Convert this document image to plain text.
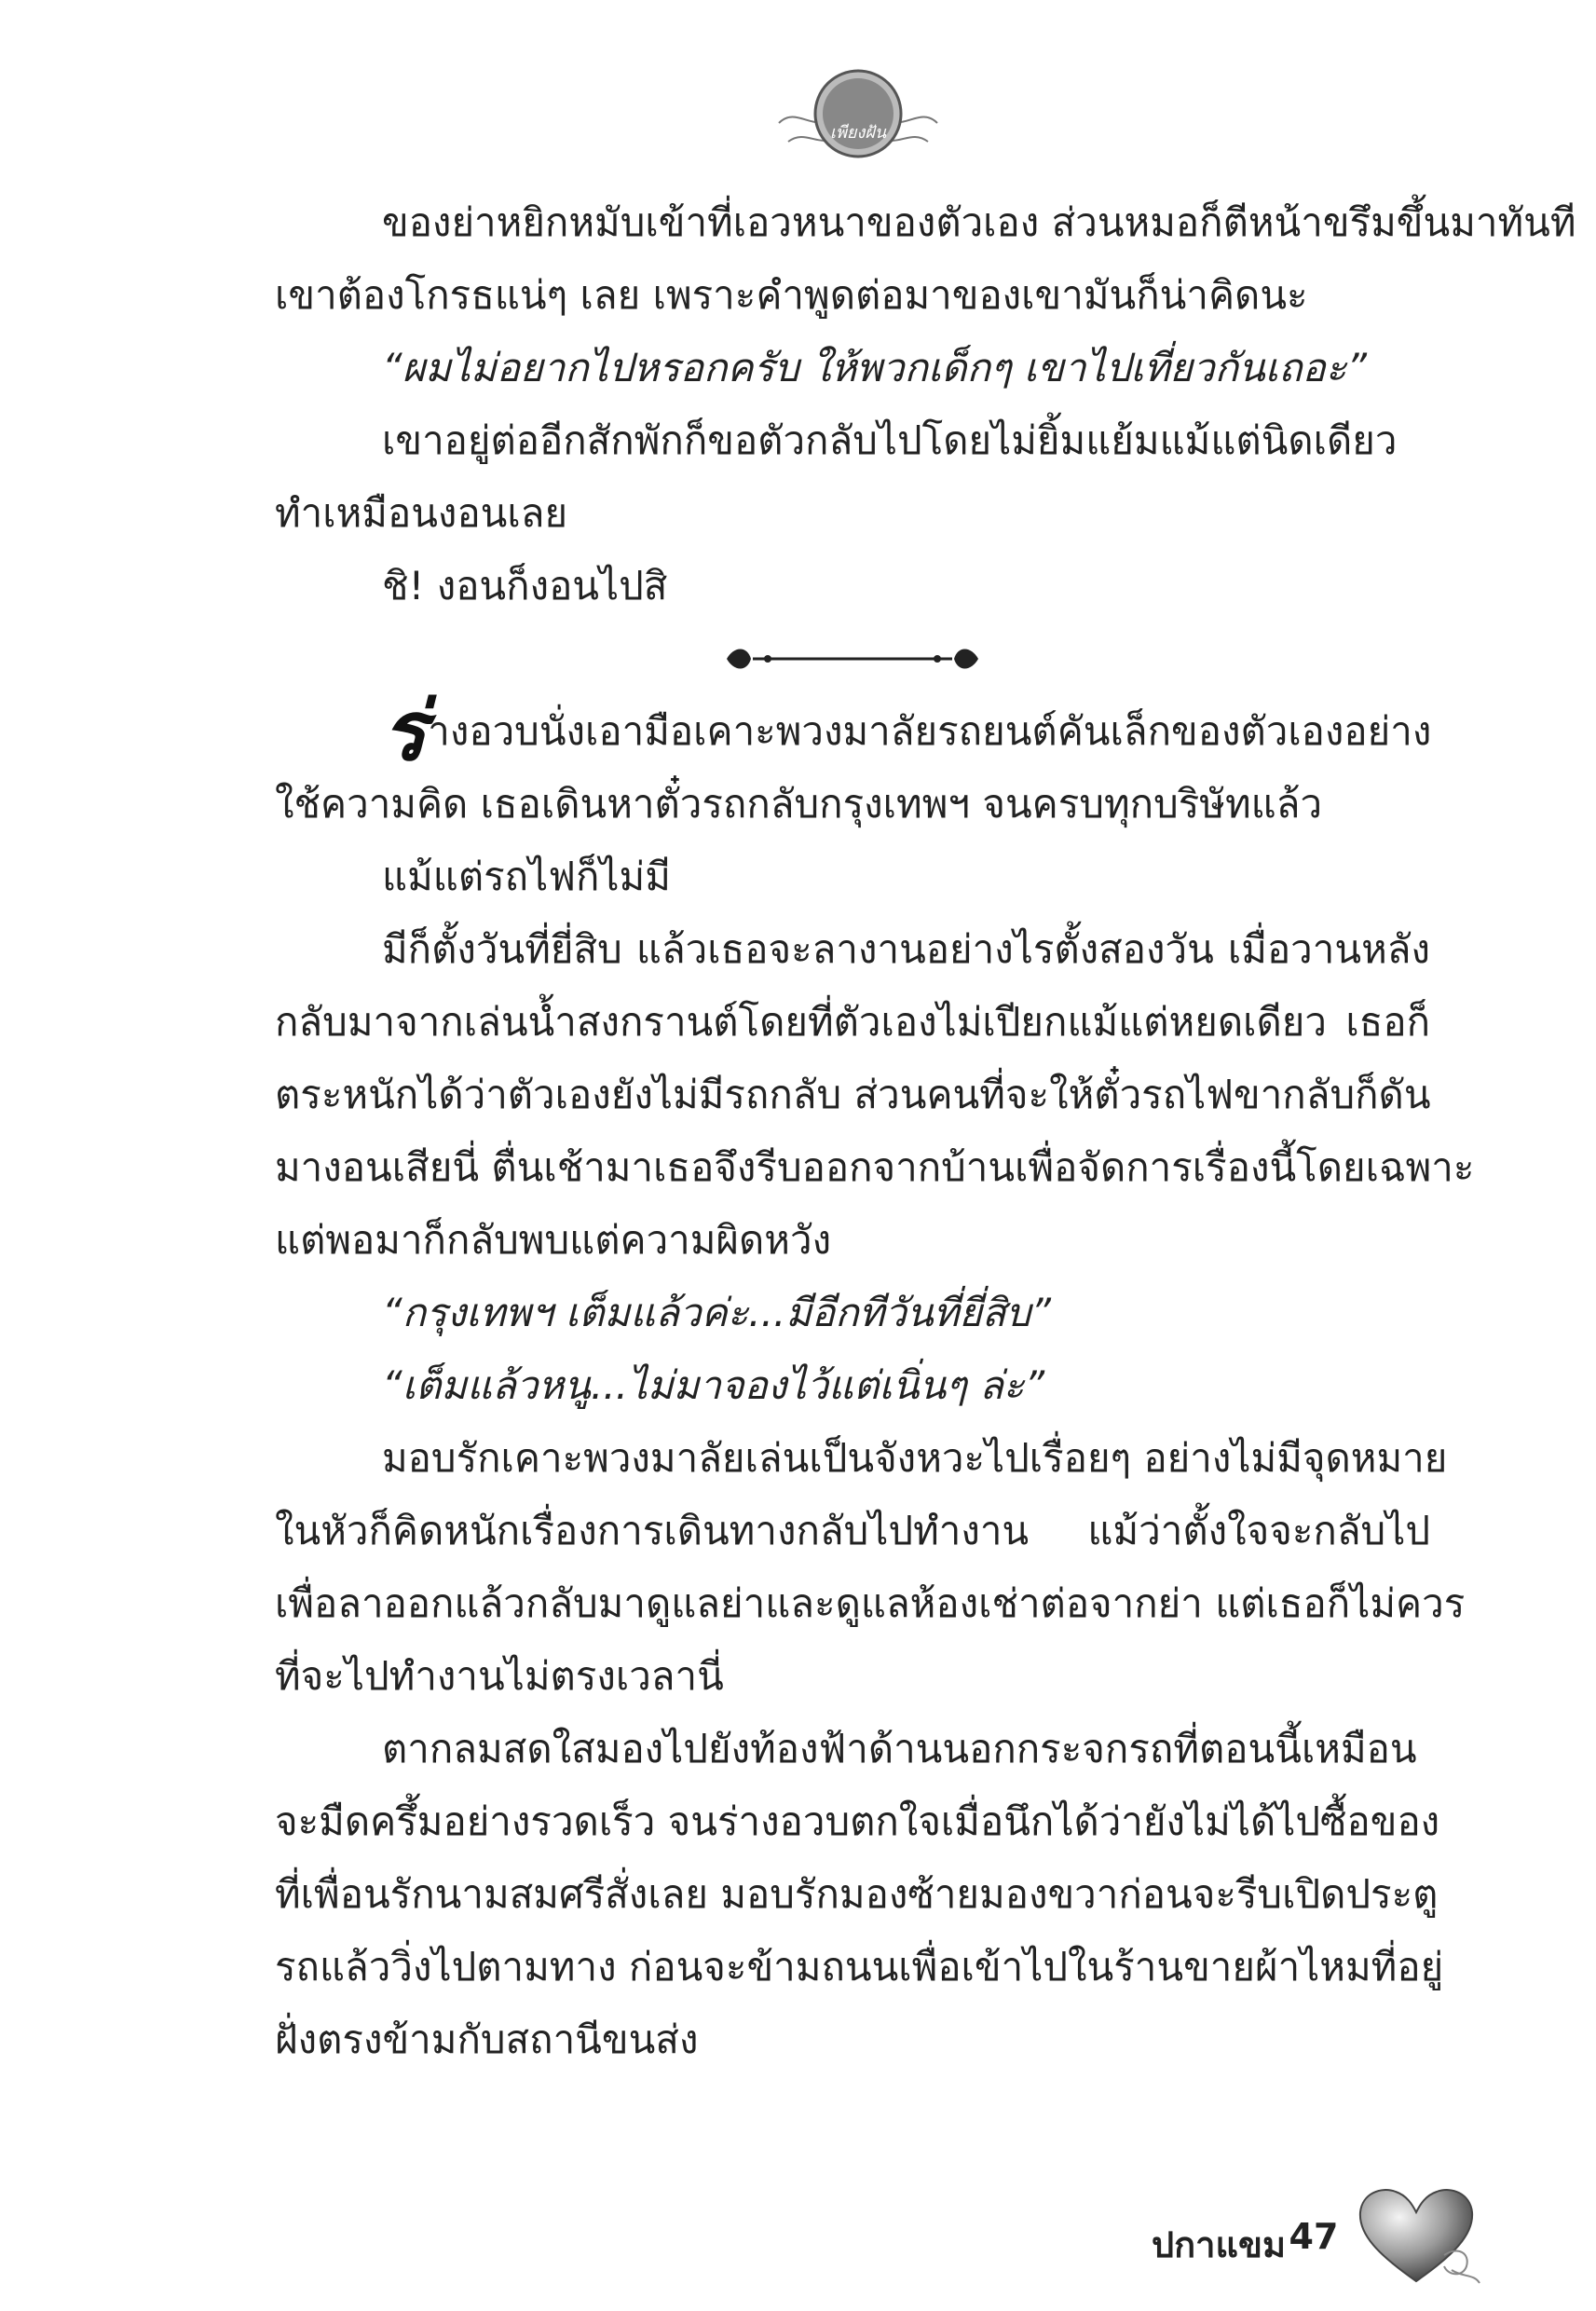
เพียงฝัน
ของย่าหยิกหมับเข้าที่เอวหนาของตัวเอง ส่วนหมอก็ตีหน้าขรึมขึ้นมาทันที
เขาต้องโกรธแน่ๆ เลย เพราะคำพูดต่อมาของเขามันก็น่าคิดนะ
“ผมไม่อยากไปหรอกครับ ให้พวกเด็กๆ เขาไปเที่ยวกันเถอะ”
เขาอยู่ต่ออีกสักพักก็ขอตัวกลับไปโดยไม่ยิ้มแย้มแม้แต่นิดเดียว
ทำเหมือนงอนเลย
ชิ! งอนก็งอนไปสิ
ร่ างอวบนั่งเอามือเคาะพวงมาลัยรถยนต์คันเล็กของตัวเองอย่าง
ใช้ความคิด เธอเดินหาตั๋วรถกลับกรุงเทพฯ จนครบทุกบริษัทแล้ว
แม้แต่รถไฟก็ไม่มี
มีก็ตั้งวันที่ยี่สิบ แล้วเธอจะลางานอย่างไรตั้งสองวัน เมื่อวานหลัง
กลับมาจากเล่นน้ำสงกรานต์โดยที่ตัวเองไม่เปียกแม้แต่หยดเดียว เธอก็
ตระหนักได้ว่าตัวเองยังไม่มีรถกลับ ส่วนคนที่จะให้ตั๋วรถไฟขากลับก็ดัน
มางอนเสียนี่ ตื่นเช้ามาเธอจึงรีบออกจากบ้านเพื่อจัดการเรื่องนี้โดยเฉพาะ
แต่พอมาก็กลับพบแต่ความผิดหวัง
“กรุงเทพฯ เต็มแล้วค่ะ...มีอีกทีวันที่ยี่สิบ”
“เต็มแล้วหนู...ไม่มาจองไว้แต่เนิ่นๆ ล่ะ”
มอบรักเคาะพวงมาลัยเล่นเป็นจังหวะไปเรื่อยๆ อย่างไม่มีจุดหมาย
ในหัวก็คิดหนักเรื่องการเดินทางกลับไปทำงาน แม้ว่าตั้งใจจะกลับไป
เพื่อลาออกแล้วกลับมาดูแลย่าและดูแลห้องเช่าต่อจากย่า แต่เธอก็ไม่ควร
ที่จะไปทำงานไม่ตรงเวลานี่
ตากลมสดใสมองไปยังท้องฟ้าด้านนอกกระจกรถที่ตอนนี้เหมือน
จะมืดครึ้มอย่างรวดเร็ว จนร่างอวบตกใจเมื่อนึกได้ว่ายังไม่ได้ไปซื้อของ
ที่เพื่อนรักนามสมศรีสั่งเลย มอบรักมองซ้ายมองขวาก่อนจะรีบเปิดประตู
รถแล้ววิ่งไปตามทาง ก่อนจะข้ามถนนเพื่อเข้าไปในร้านขายผ้าไหมที่อยู่
ฝั่งตรงข้ามกับสถานีขนส่ง
ปกาแขม 47
